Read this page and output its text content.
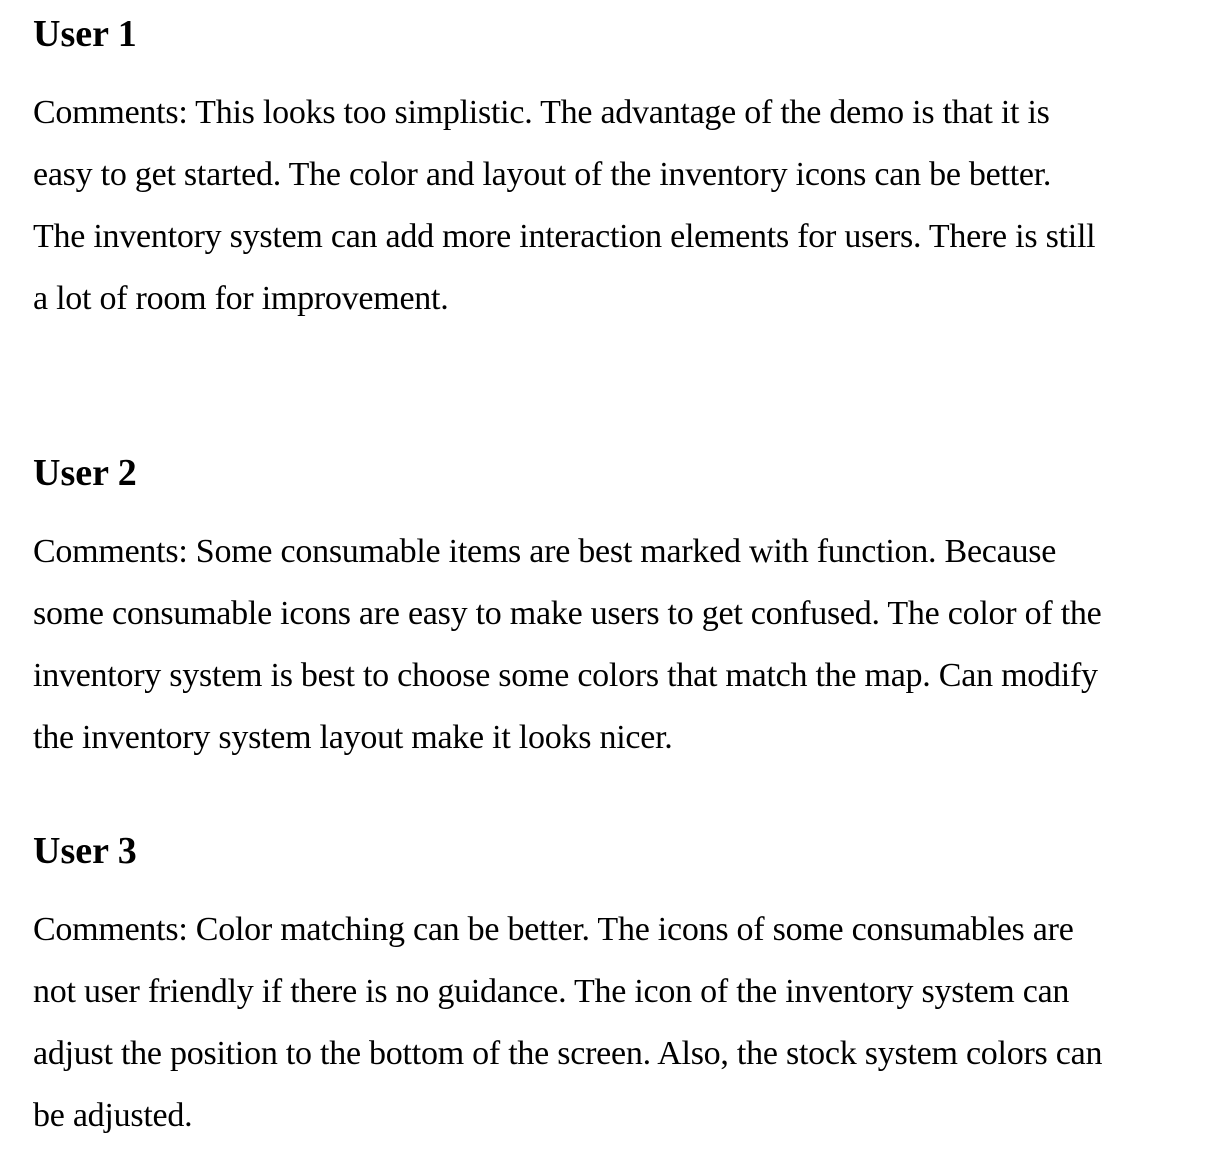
User 1

Comments: This looks too simplistic. The advantage of the demo is that it is
easy to get started. The color and layout of the inventory icons can be better.
The inventory system can add more interaction elements for users. There is still
a lot of room for improvement.

User 2

Comments: Some consumable items are best marked with function. Because
some consumable icons are easy to make users to get confused. The color of the
inventory system is best to choose some colors that match the map. Can modify
the inventory system layout make it looks nicer.

User 3

Comments: Color matching can be better. The icons of some consumables are
not user friendly if there is no guidance. The icon of the inventory system can
adjust the position to the bottom of the screen. Also, the stock system colors can
be adjusted.
